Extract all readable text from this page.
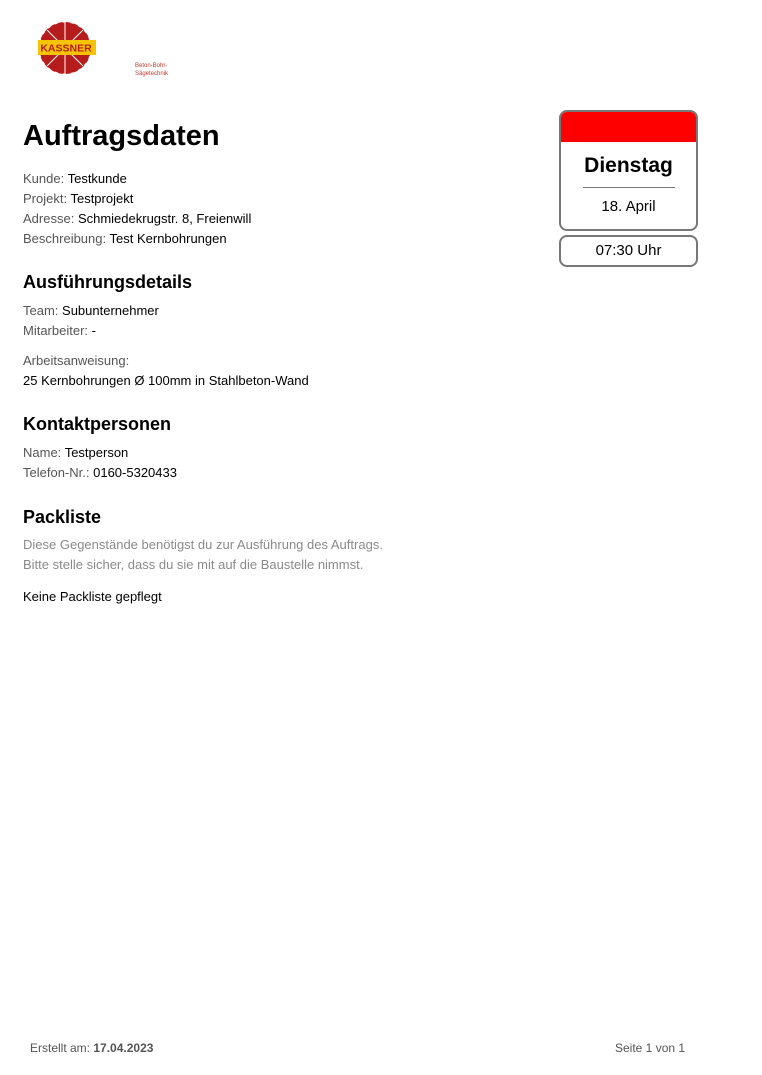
KASSNER
Beton-Bohr-
Sägetechnik
Auftragsdaten
Kunde: Testkunde
Projekt: Testprojekt
Adresse: Schmiedekrugstr. 8, Freienwill
Beschreibung: Test Kernbohrungen
Ausführungsdetails
Team: Subunternehmer
Mitarbeiter: -
Arbeitsanweisung:
25 Kernbohrungen Ø 100mm in Stahlbeton-Wand
Kontaktpersonen
Name: Testperson
Telefon-Nr.: 0160-5320433
Packliste
Diese Gegenstände benötigst du zur Ausführung des Auftrags.
Bitte stelle sicher, dass du sie mit auf die Baustelle nimmst.
Keine Packliste gepflegt
Dienstag
18. April
07:30 Uhr
Erstellt am: 17.04.2023	Seite 1 von 1
